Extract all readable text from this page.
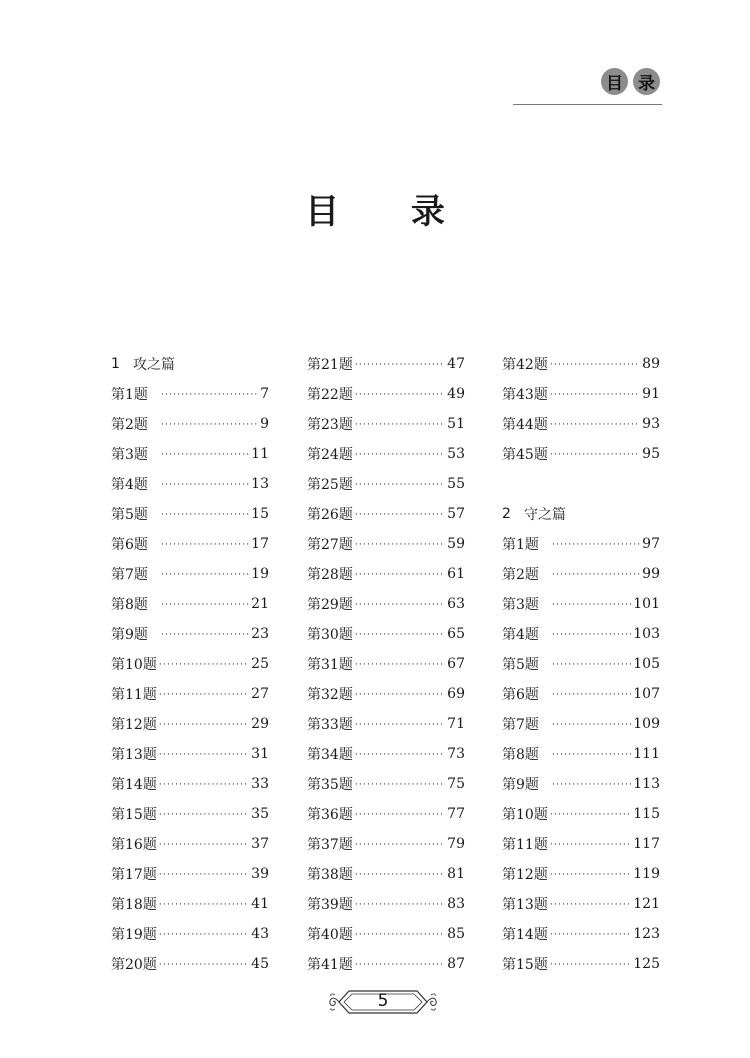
目 录
目 录
1 攻之篇
第1题 ·····	7
第2题 ·····	9
第3题 ·····	11
第4题 ·····	13
第5题 ·····	15
第6题 ·····	17
第7题 ·····	19
第8题 ·····	21
第9题 ·····	23
第10题 ·····	25
第11题 ·····	27
第12题 ·····	29
第13题 ·····	31
第14题 ·····	33
第15题 ·····	35
第16题 ·····	37
第17题 ·····	39
第18题 ·····	41
第19题 ·····	43
第20题 ·····	45
第21题 ·····	47
第22题 ·····	49
第23题 ·····	51
第24题 ·····	53
第25题 ·····	55
第26题 ·····	57
第27题 ·····	59
第28题 ·····	61
第29题 ·····	63
第30题 ·····	65
第31题 ·····	67
第32题 ·····	69
第33题 ·····	71
第34题 ·····	73
第35题 ·····	75
第36题 ·····	77
第37题 ·····	79
第38题 ·····	81
第39题 ·····	83
第40题 ·····	85
第41题 ·····	87
第42题 ·····	89
第43题 ·····	91
第44题 ·····	93
第45题 ·····	95
2 守之篇
第1题 ·····	97
第2题 ·····	99
第3题 ·····	101
第4题 ·····	103
第5题 ·····	105
第6题 ·····	107
第7题 ·····	109
第8题 ·····	111
第9题 ·····	113
第10题 ·····	115
第11题 ·····	117
第12题 ·····	119
第13题 ·····	121
第14题 ·····	123
第15题 ·····	125
5
